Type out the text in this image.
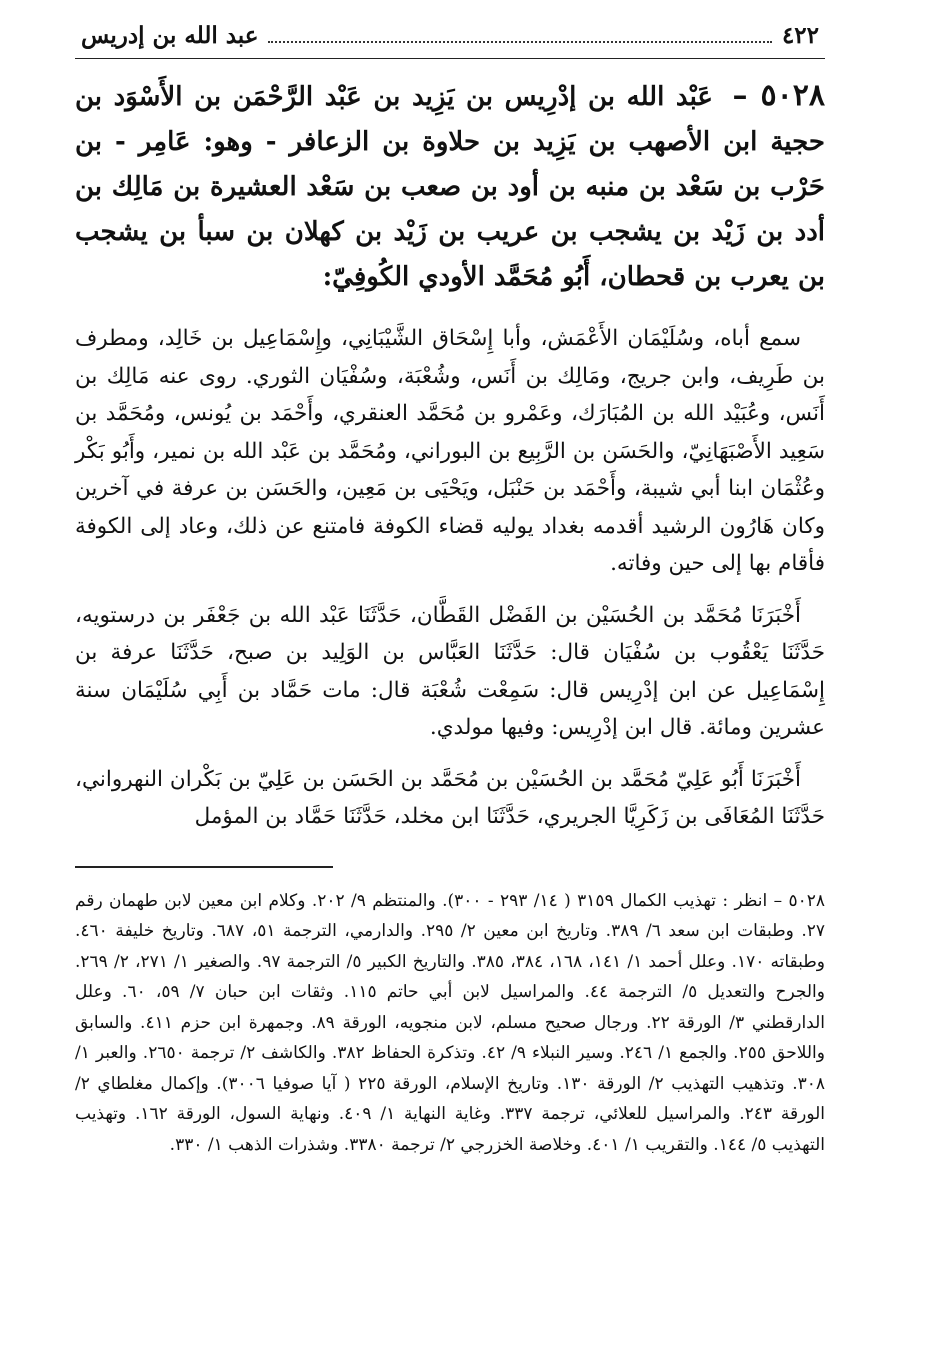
٤٢٢
عبد الله بن إدريس
٥٠٢٨ – عَبْد الله بن إدْرِيس بن يَزِيد بن عَبْد الرَّحْمَن بن الأَسْوَد بن حجية ابن الأصهب بن يَزِيد بن حلاوة بن الزعافر - وهو: عَامِر - بن حَرْب بن سَعْد بن منبه بن أود بن صعب بن سَعْد العشيرة بن مَالِك بن أدد بن زَيْد بن يشجب بن عريب بن زَيْد بن كهلان بن سبأ بن يشجب بن يعرب بن قحطان، أَبُو مُحَمَّد الأودي الكُوفِيّ:

سمع أباه، وسُلَيْمَان الأَعْمَش، وأبا إِسْحَاق الشَّيْبَانِي، وإِسْمَاعِيل بن خَالِد، ومطرف بن طَرِيف، وابن جريج، ومَالِك بن أَنَس، وشُعْبَة، وسُفْيَان الثوري. روى عنه مَالِك بن أَنَس، وعُبَيْد الله بن المُبَارَك، وعَمْرو بن مُحَمَّد العنقري، وأَحْمَد بن يُونس، ومُحَمَّد بن سَعِيد الأَصْبَهَانِيّ، والحَسَن بن الرَّبِيع بن البوراني، ومُحَمَّد بن عَبْد الله بن نمير، وأَبُو بَكْر وعُثْمَان ابنا أبي شيبة، وأَحْمَد بن حَنْبَل، ويَحْيَى بن مَعِين، والحَسَن بن عرفة في آخرين وكان هَارُون الرشيد أقدمه بغداد يوليه قضاء الكوفة فامتنع عن ذلك، وعاد إلى الكوفة فأقام بها إلى حين وفاته.

أَخْبَرَنَا مُحَمَّد بن الحُسَيْن بن الفَضْل القَطَّان، حَدَّثَنَا عَبْد الله بن جَعْفَر بن درستويه، حَدَّثَنَا يَعْقُوب بن سُفْيَان قال: حَدَّثَنَا العَبَّاس بن الوَلِيد بن صبح، حَدَّثَنَا عرفة بن إِسْمَاعِيل عن ابن إدْرِيس قال: سَمِعْت شُعْبَة قال: مات حَمَّاد بن أَبِي سُلَيْمَان سنة عشرين ومائة. قال ابن إدْرِيس: وفيها مولدي.

أَخْبَرَنَا أَبُو عَلِيّ مُحَمَّد بن الحُسَيْن بن مُحَمَّد بن الحَسَن بن عَلِيّ بن بَكْران النهرواني، حَدَّثَنَا المُعَافَى بن زَكَرِيَّا الجريري، حَدَّثَنَا ابن مخلد، حَدَّثَنَا حَمَّاد بن المؤمل

٥٠٢٨ – انظر : تهذيب الكمال ٣١٥٩ ( ١٤/ ٢٩٣ - ٣٠٠). والمنتظم ٩/ ٢٠٢. وكلام ابن معين لابن طهمان رقم ٢٧. وطبقات ابن سعد ٦/ ٣٨٩. وتاريخ ابن معين ٢/ ٢٩٥. والدارمي، الترجمة ٥١، ٦٨٧. وتاريخ خليفة ٤٦٠. وطبقاته ١٧٠. وعلل أحمد ١/ ١٤١، ١٦٨، ٣٨٤، ٣٨٥. والتاريخ الكبير ٥/ الترجمة ٩٧. والصغير ١/ ٢٧١، ٢/ ٢٦٩. والجرح والتعديل ٥/ الترجمة ٤٤. والمراسيل لابن أبي حاتم ١١٥. وثقات ابن حبان ٧/ ٥٩، ٦٠. وعلل الدارقطني ٣/ الورقة ٢٢. ورجال صحيح مسلم، لابن منجويه، الورقة ٨٩. وجمهرة ابن حزم ٤١١. والسابق واللاحق ٢٥٥. والجمع ١/ ٢٤٦. وسير النبلاء ٩/ ٤٢. وتذكرة الحفاظ ٣٨٢. والكاشف ٢/ ترجمة ٢٦٥٠. والعبر ١/ ٣٠٨. وتذهيب التهذيب ٢/ الورقة ١٣٠. وتاريخ الإسلام، الورقة ٢٢٥ ( آيا صوفيا ٣٠٠٦). وإكمال مغلطاي ٢/ الورقة ٢٤٣. والمراسيل للعلائي، ترجمة ٣٣٧. وغاية النهاية ١/ ٤٠٩. ونهاية السول، الورقة ١٦٢. وتهذيب التهذيب ٥/ ١٤٤. والتقريب ١/ ٤٠١. وخلاصة الخزرجي ٢/ ترجمة ٣٣٨٠. وشذرات الذهب ١/ ٣٣٠.
